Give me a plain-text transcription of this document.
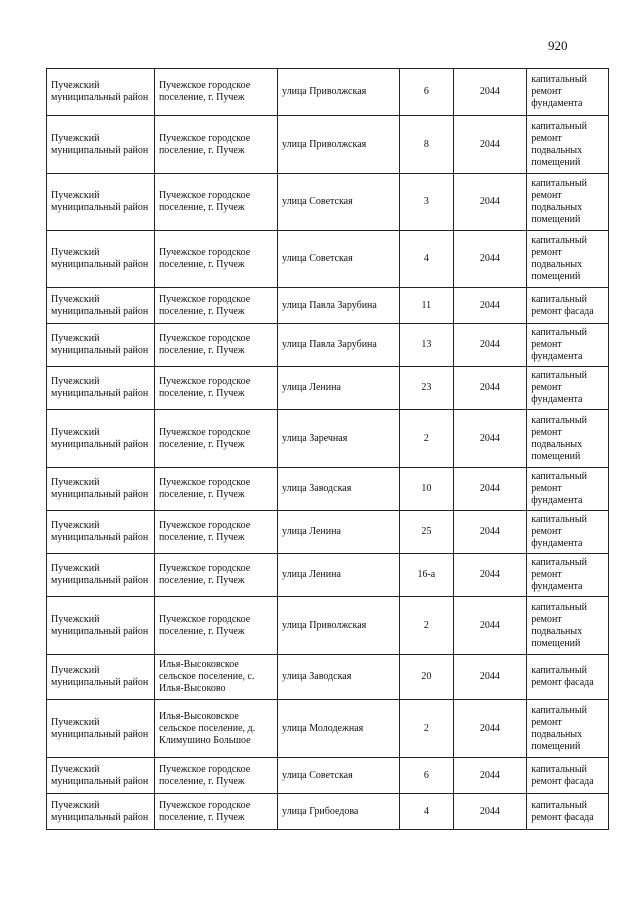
920
Пучежский муниципальный район	Пучежское городское поселение, г. Пучеж	улица Приволжская	6	2044	капитальный ремонт фундамента
Пучежский муниципальный район	Пучежское городское поселение, г. Пучеж	улица Приволжская	8	2044	капитальный ремонт подвальных помещений
Пучежский муниципальный район	Пучежское городское поселение, г. Пучеж	улица Советская	3	2044	капитальный ремонт подвальных помещений
Пучежский муниципальный район	Пучежское городское поселение, г. Пучеж	улица Советская	4	2044	капитальный ремонт подвальных помещений
Пучежский муниципальный район	Пучежское городское поселение, г. Пучеж	улица Павла Зарубина	11	2044	капитальный ремонт фасада
Пучежский муниципальный район	Пучежское городское поселение, г. Пучеж	улица Павла Зарубина	13	2044	капитальный ремонт фундамента
Пучежский муниципальный район	Пучежское городское поселение, г. Пучеж	улица Ленина	23	2044	капитальный ремонт фундамента
Пучежский муниципальный район	Пучежское городское поселение, г. Пучеж	улица Заречная	2	2044	капитальный ремонт подвальных помещений
Пучежский муниципальный район	Пучежское городское поселение, г. Пучеж	улица Заводская	10	2044	капитальный ремонт фундамента
Пучежский муниципальный район	Пучежское городское поселение, г. Пучеж	улица Ленина	25	2044	капитальный ремонт фундамента
Пучежский муниципальный район	Пучежское городское поселение, г. Пучеж	улица Ленина	16-а	2044	капитальный ремонт фундамента
Пучежский муниципальный район	Пучежское городское поселение, г. Пучеж	улица Приволжская	2	2044	капитальный ремонт подвальных помещений
Пучежский муниципальный район	Илья-Высоковское сельское поселение, с. Илья-Высоково	улица Заводская	20	2044	капитальный ремонт фасада
Пучежский муниципальный район	Илья-Высоковское сельское поселение, д. Климушино Большое	улица Молодежная	2	2044	капитальный ремонт подвальных помещений
Пучежский муниципальный район	Пучежское городское поселение, г. Пучеж	улица Советская	6	2044	капитальный ремонт фасада
Пучежский муниципальный район	Пучежское городское поселение, г. Пучеж	улица Грибоедова	4	2044	капитальный ремонт фасада
